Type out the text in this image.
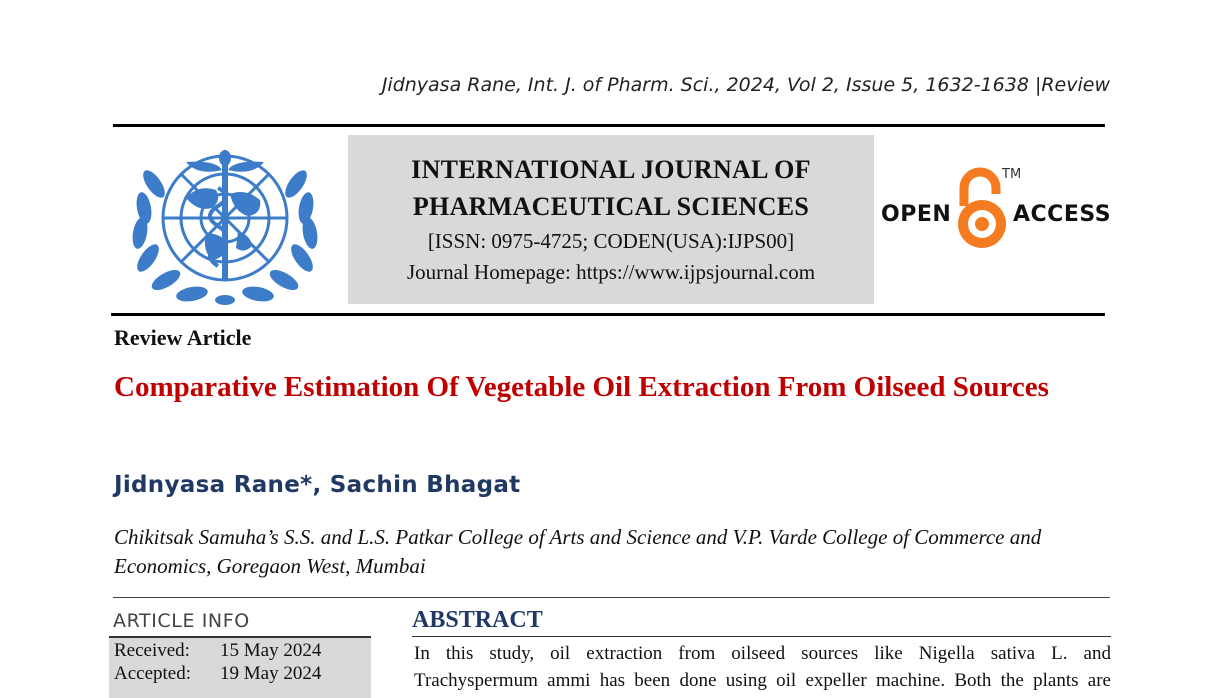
Jidnyasa Rane, Int. J. of Pharm. Sci., 2024, Vol 2, Issue 5, 1632-1638 |Review
INTERNATIONAL JOURNAL OF
PHARMACEUTICAL SCIENCES
[ISSN: 0975-4725; CODEN(USA):IJPS00]
Journal Homepage: https://www.ijpsjournal.com
OPEN
TM
ACCESS
Review Article
Comparative Estimation Of Vegetable Oil Extraction From Oilseed Sources
Jidnyasa Rane*, Sachin Bhagat
Chikitsak Samuha’s S.S. and L.S. Patkar College of Arts and Science and V.P. Varde College of Commerce and Economics, Goregaon West, Mumbai
ARTICLE INFO
Received: 15 May 2024
Accepted: 19 May 2024
ABSTRACT
In this study, oil extraction from oilseed sources like Nigella sativa L. and
Trachyspermum ammi has been done using oil expeller machine. Both the plants are
